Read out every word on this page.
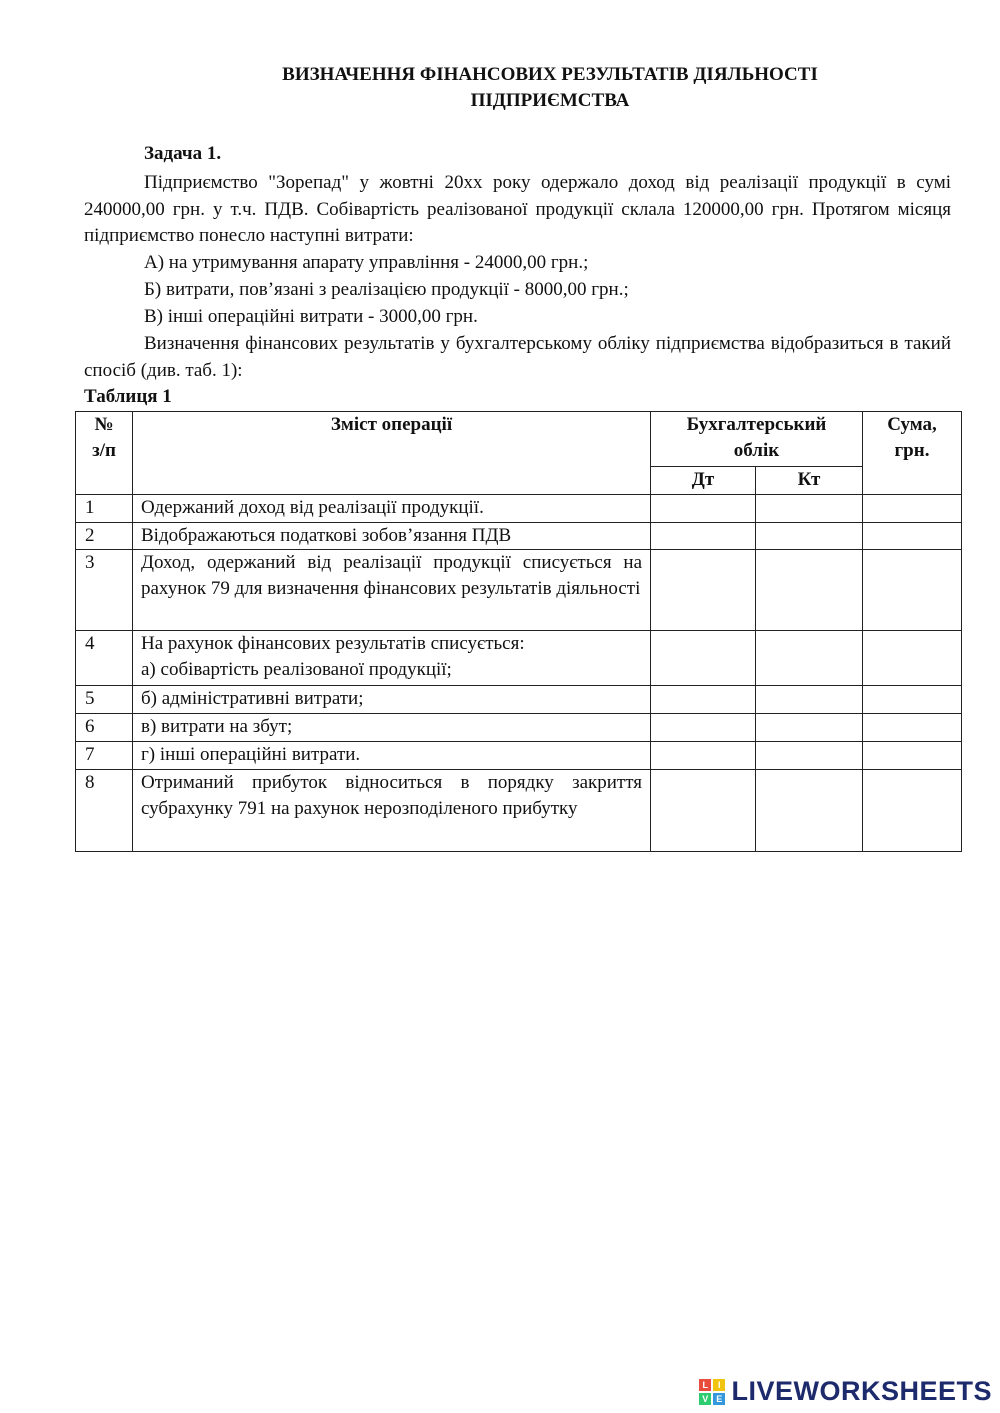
ВИЗНАЧЕННЯ ФІНАНСОВИХ РЕЗУЛЬТАТІВ ДІЯЛЬНОСТІ
ПІДПРИЄМСТВА
Задача 1.
Підприємство "Зорепад" у жовтні 20хх року одержало доход від реалізації продукції в сумі 240000,00 грн. у т.ч. ПДВ. Собівартість реалізованої продукції склала 120000,00 грн. Протягом місяця підприємство понесло наступні витрати:
А) на утримування апарату управління - 24000,00 грн.;
Б) витрати, пов’язані з реалізацією продукції - 8000,00 грн.;
В) інші операційні витрати - 3000,00 грн.
Визначення фінансових результатів у бухгалтерському обліку підприємства відобразиться в такий спосіб (див. таб. 1):
Таблиця 1
№ з/п	Зміст операції	Бухгалтерський облік		Сума, грн.
		Дт	Кт	
1	Одержаний доход від реалізації продукції.			
2	Відображаються податкові зобов’язання ПДВ			
3	Доход, одержаний від реалізації продукції списується на рахунок 79 для визначення фінансових результатів діяльності			
4	На рахунок фінансових результатів списується:
а) собівартість реалізованої продукції;			

5	б) адміністративні витрати;			
6	в) витрати на збут;			
7	г) інші операційні витрати.			
8	Отриманий прибуток відноситься в порядку закриття субрахунку 791 на рахунок нерозподіленого прибутку			
L	I
V E LIVEWORKSHEETS
